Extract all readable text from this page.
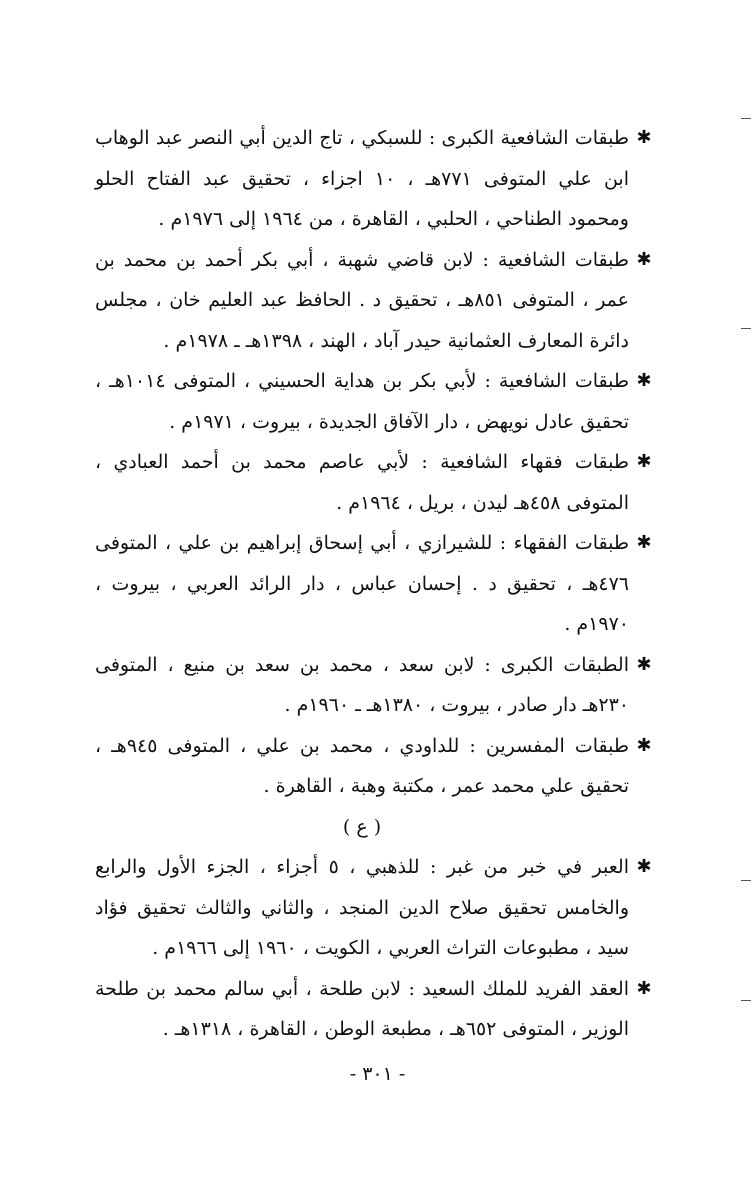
✱
طبقات الشافعية الكبرى : للسبكي ، تاج الدين أبي النصر عبد الوهاب ابن علي المتوفى ٧٧١هـ ، ١٠ اجزاء ، تحقيق عبد الفتاح الحلو ومحمود الطناحي ، الحلبي ، القاهرة ، من ١٩٦٤ إلى ١٩٧٦م .

✱
طبقات الشافعية : لابن قاضي شهبة ، أبي بكر أحمد بن محمد بن عمر ، المتوفى ٨٥١هـ ، تحقيق د . الحافظ عبد العليم خان ، مجلس دائرة المعارف العثمانية حيدر آباد ، الهند ، ١٣٩٨هـ ـ ١٩٧٨م .

✱
طبقات الشافعية : لأبي بكر بن هداية الحسيني ، المتوفى ١٠١٤هـ ، تحقيق عادل نويهض ، دار الآفاق الجديدة ، بيروت ، ١٩٧١م .

✱
طبقات فقهاء الشافعية : لأبي عاصم محمد بن أحمد العبادي ، المتوفى ٤٥٨هـ ليدن ، بريل ، ١٩٦٤م .

✱
طبقات الفقهاء : للشيرازي ، أبي إسحاق إبراهيم بن علي ، المتوفى ٤٧٦هـ ، تحقيق د . إحسان عباس ، دار الرائد العربي ، بيروت ، ١٩٧٠م .

✱
الطبقات الكبرى : لابن سعد ، محمد بن سعد بن منيع ، المتوفى ٢٣٠هـ دار صادر ، بيروت ، ١٣٨٠هـ ـ ١٩٦٠م .

✱
طبقات المفسرين : للداودي ، محمد بن علي ، المتوفى ٩٤٥هـ ، تحقيق علي محمد عمر ، مكتبة وهبة ، القاهرة .

( ع )

✱
العبر في خبر من غبر : للذهبي ، ٥ أجزاء ، الجزء الأول والرابع والخامس تحقيق صلاح الدين المنجد ، والثاني والثالث تحقيق فؤاد سيد ، مطبوعات التراث العربي ، الكويت ، ١٩٦٠ إلى ١٩٦٦م .

✱
العقد الفريد للملك السعيد : لابن طلحة ، أبي سالم محمد بن طلحة الوزير ، المتوفى ٦٥٢هـ ، مطبعة الوطن ، القاهرة ، ١٣١٨هـ .

- ٣٠١ -
